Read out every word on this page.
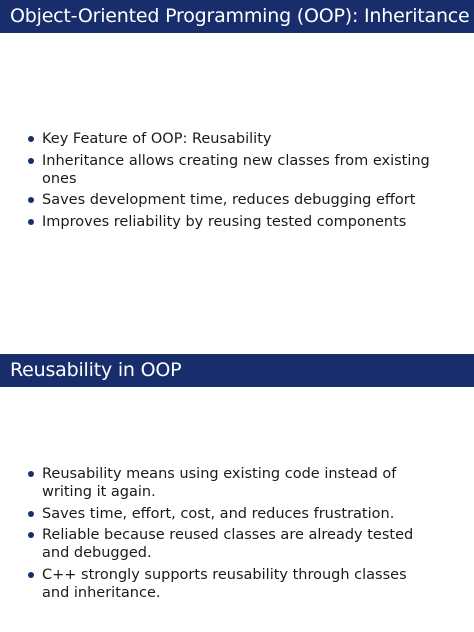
Object-Oriented Programming (OOP): Inheritance
Key Feature of OOP: Reusability
Inheritance allows creating new classes from existing ones
Saves development time, reduces debugging effort
Improves reliability by reusing tested components
Reusability in OOP
Reusability means using existing code instead of writing it again.
Saves time, effort, cost, and reduces frustration.
Reliable because reused classes are already tested and debugged.
C++ strongly supports reusability through classes and inheritance.
